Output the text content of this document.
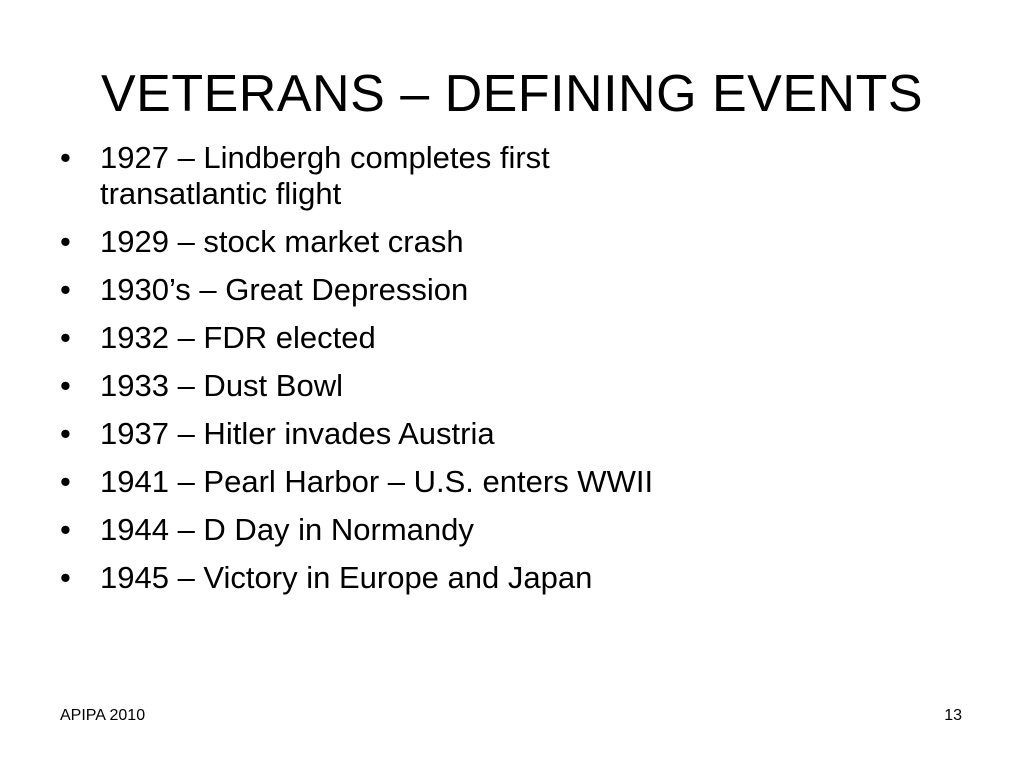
VETERANS – DEFINING EVENTS
• 1927 – Lindbergh completes first transatlantic flight
• 1929 – stock market crash
• 1930’s – Great Depression
• 1932 – FDR elected
• 1933 – Dust Bowl
• 1937 – Hitler invades Austria
• 1941 – Pearl Harbor – U.S. enters WWII
• 1944 – D Day in Normandy
• 1945 – Victory in Europe and Japan
APIPA 2010	13
